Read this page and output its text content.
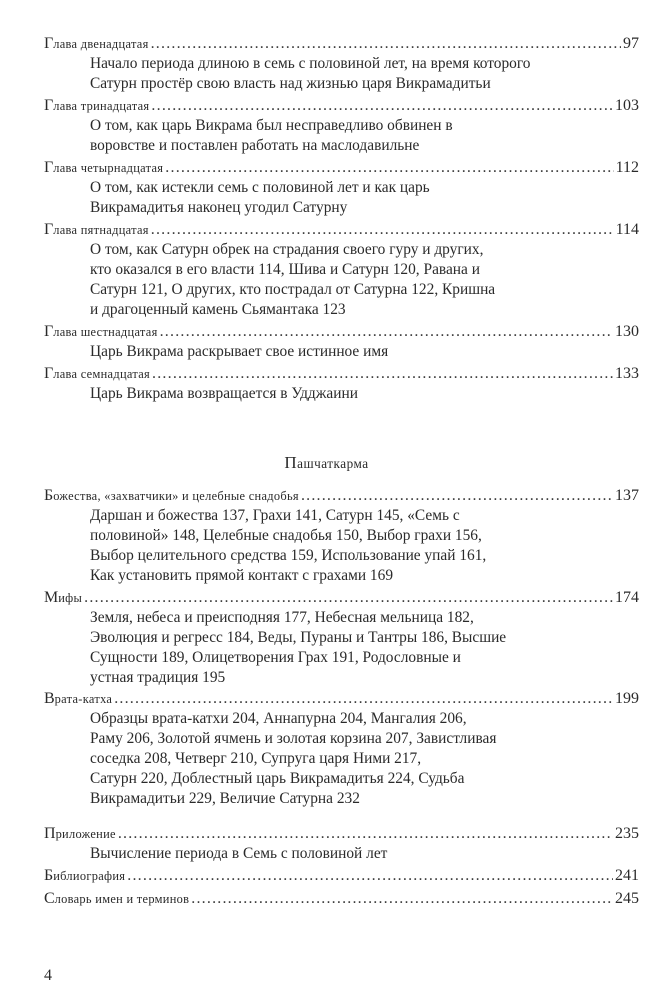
Глава двенадцатая .....	97
Начало периода длиною в семь с половиной лет, на время которого
Сатурн простёр свою власть над жизнью царя Викрамадитьи
Глава тринадцатая .....	103
О том, как царь Викрама был несправедливо обвинен в
воровстве и поставлен работать на маслодавильне
Глава четырнадцатая .....	112
О том, как истекли семь с половиной лет и как царь
Викрамадитья наконец угодил Сатурну
Глава пятнадцатая .....	114
О том, как Сатурн обрек на страдания своего гуру и других,
кто оказался в его власти 114, Шива и Сатурн 120, Равана и
Сатурн 121, О других, кто пострадал от Сатурна 122, Кришна
и драгоценный камень Сьямантака 123
Глава шестнадцатая .....	130
Царь Викрама раскрывает свое истинное имя
Глава семнадцатая .....	133
Царь Викрама возвращается в Удджаини
Пашчаткарма
Божества, «захватчики» и целебные снадобья .....	137
Даршан и божества 137, Грахи 141, Сатурн 145, «Семь с
половиной» 148, Целебные снадобья 150, Выбор грахи 156,
Выбор целительного средства 159, Использование упай 161,
Как установить прямой контакт с грахами 169
Мифы .....	174
Земля, небеса и преисподняя 177, Небесная мельница 182,
Эволюция и регресс 184, Веды, Пураны и Тантры 186, Высшие
Сущности 189, Олицетворения Грах 191, Родословные и
устная традиция 195
Врата-катха .....	199
Образцы врата-катхи 204, Аннапурна 204, Мангалия 206,
Раму 206, Золотой ячмень и золотая корзина 207, Завистливая
соседка 208, Четверг 210, Супруга царя Ними 217,
Сатурн 220, Доблестный царь Викрамадитья 224, Судьба
Викрамадитьи 229, Величие Сатурна 232
Приложение .....	235
Вычисление периода в Семь с половиной лет
Библиография .....	241
Словарь имен и терминов .....	245
4
